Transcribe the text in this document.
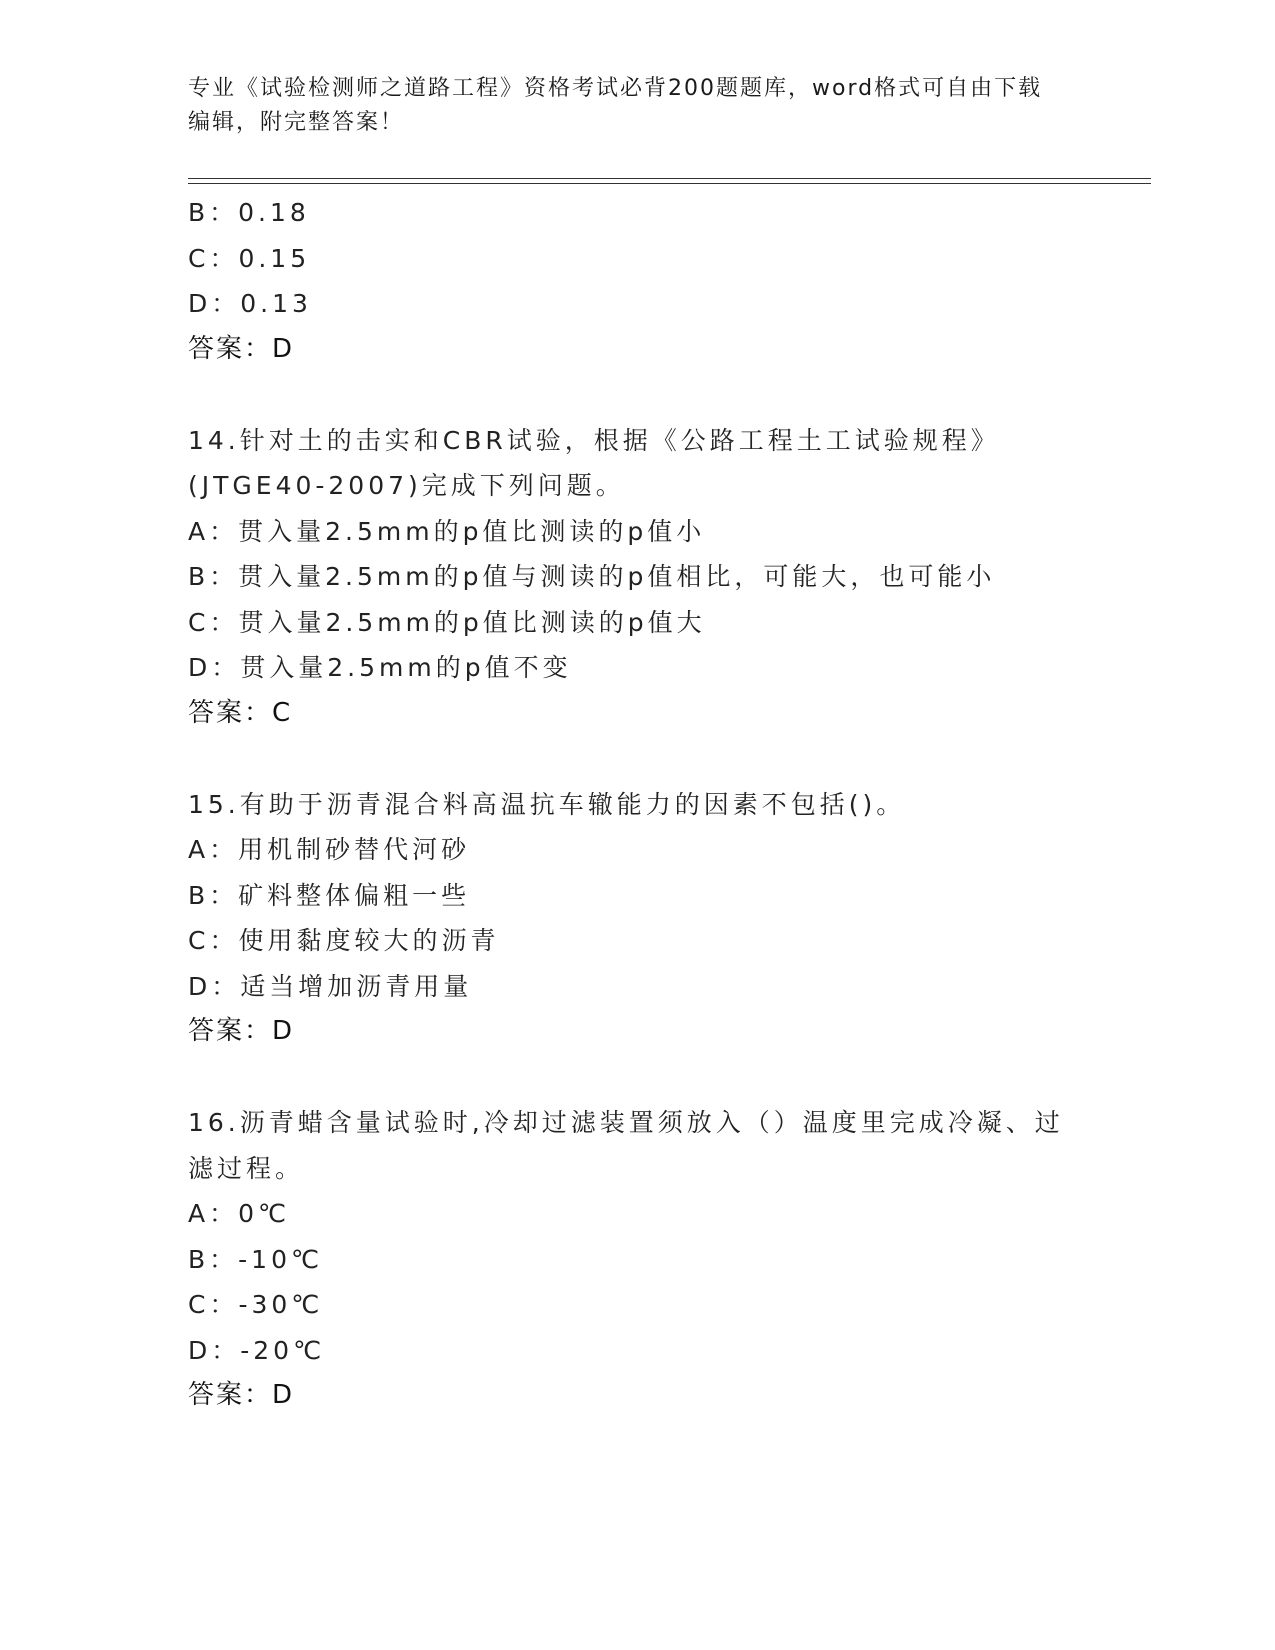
专业《试验检测师之道路工程》资格考试必背200题题库，word格式可自由下载
编辑，附完整答案！
B：0.18
C：0.15
D：0.13
答案：D
14.针对土的击实和CBR试验，根据《公路工程土工试验规程》
(JTGE40-2007)完成下列问题。
A：贯入量2.5mm的p值比测读的p值小
B：贯入量2.5mm的p值与测读的p值相比，可能大，也可能小
C：贯入量2.5mm的p值比测读的p值大
D：贯入量2.5mm的p值不变
答案：C
15.有助于沥青混合料高温抗车辙能力的因素不包括()。
A：用机制砂替代河砂
B：矿料整体偏粗一些
C：使用黏度较大的沥青
D：适当增加沥青用量
答案：D
16.沥青蜡含量试验时,冷却过滤装置须放入（）温度里完成冷凝、过
滤过程。
A：0℃
B：-10℃
C：-30℃
D：-20℃
答案：D
